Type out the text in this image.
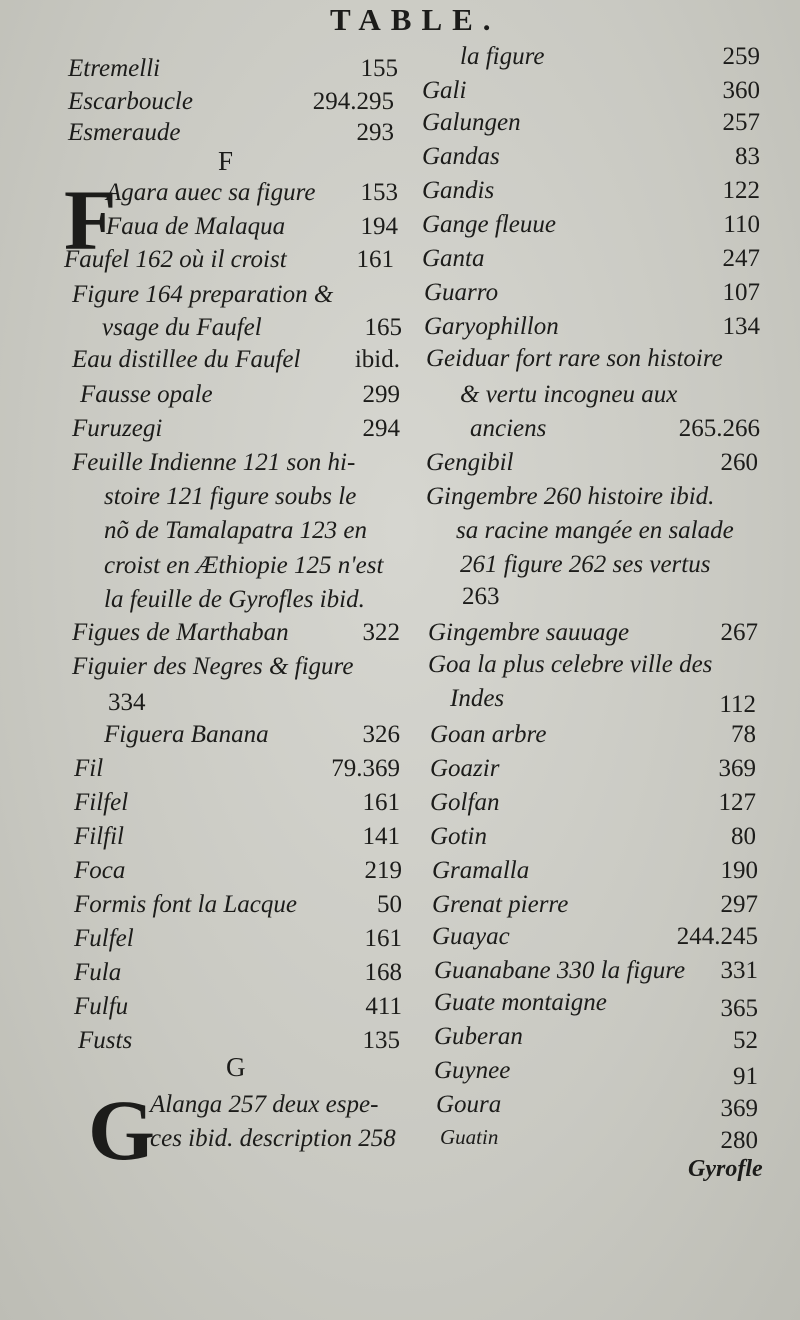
TABLE.
Etremelli	155
Escarboucle	294.295
Esmeraude	293
F
F
Agara auec sa figure 153
Faua de Malaqua	194
Faufel 162 où il croist	161
Figure 164 preparation &
vsage du Faufel	165
Eau distillee du Faufel ibid.
Fausse opale	299
Furuzegi	294
Feuille Indienne 121 son hi-
stoire 121 figure soubs le
nõ de Tamalapatra 123 en
croist en Æthiopie 125 n'est
la feuille de Gyrofles ibid.
Figues de Marthaban	322
Figuier des Negres & figure
334
Figuera Banana	326
Fil	79.369
Filfel	161
Filfil	141
Foca	219
Formis font la Lacque	50
Fulfel	161
Fula	168
Fulfu	411
Fusts	135
G
G
Alanga 257 deux espe-
ces ibid. description 258
la figure	259
Gali	360
Galungen	257
Gandas	83
Gandis	122
Gange fleuue	110
Ganta	247
Guarro	107
Garyophillon	134
Geiduar fort rare son histoire
& vertu incogneu aux
anciens	265.266
Gengibil	260
Gingembre 260 histoire ibid.
sa racine mangée en salade
261 figure 262 ses vertus
263
Gingembre sauuage	267
Goa la plus celebre ville des
Indes	112
Goan arbre	78
Goazir	369
Golfan	127
Gotin	80
Gramalla	190
Grenat pierre	297
Guayac	244.245
Guanabane 330 la figure 331
Guate montaigne	365
Guberan	52
Guynee	91
Goura	369
Guatin	280
Gyrofle
